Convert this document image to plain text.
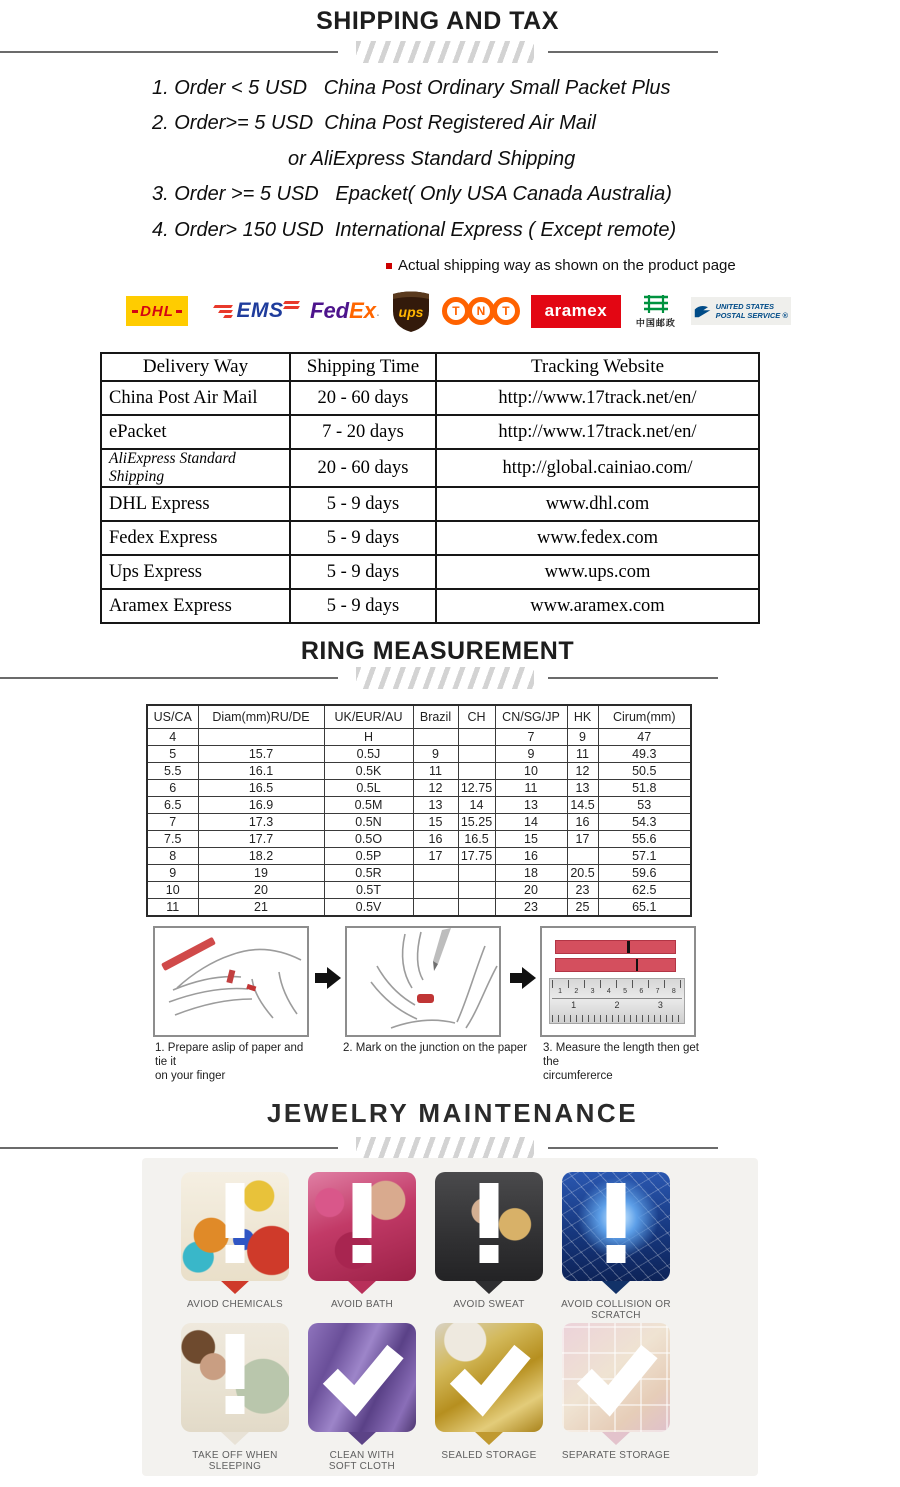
SHIPPING AND TAX
1. Order < 5 USD   China Post Ordinary Small Packet Plus
2. Order>= 5 USD  China Post Registered Air Mail
or AliExpress Standard Shipping
3. Order >= 5 USD   Epacket( Only USA Canada Australia)
4. Order> 150 USD  International Express ( Except remote)
Actual shipping way as shown on the product page
DHL	EMS Fed Ex . ups	T	N	T	aramex
中国邮政
UNITED STATES
POSTAL SERVICE ®
Delivery Way	Shipping Time	Tracking Website
China Post Air Mail	20 - 60 days	http://www.17track.net/en/
ePacket	7 - 20 days	http://www.17track.net/en/
AliExpress Standard Shipping	20 - 60 days	http://global.cainiao.com/
DHL Express	5 - 9 days	www.dhl.com
Fedex Express	5 - 9 days	www.fedex.com
Ups Express	5 - 9 days	www.ups.com
Aramex Express	5 - 9 days	www.aramex.com
RING MEASUREMENT
US/CA	Diam(mm)RU/DE	UK/EUR/AU	Brazil	CH	CN/SG/JP	HK	Cirum(mm)
4		H			7	9	47
5	15.7	0.5J	9		9	11	49.3
5.5	16.1	0.5K	11		10	12	50.5
6	16.5	0.5L	12	12.75	11	13	51.8
6.5	16.9	0.5M	13	14	13	14.5	53
7	17.3	0.5N	15	15.25	14	16	54.3
7.5	17.7	0.5O	16	16.5	15	17	55.6
8	18.2	0.5P	17	17.75	16		57.1
9	19	0.5R			18	20.5	59.6
10	20	0.5T			20	23	62.5
11	21	0.5V			23	25	65.1
1 2 3 4 5 6 7 8
1	2	3
1. Prepare aslip of paper and tie it
on your finger
2. Mark on the junction on the paper	3. Measure the length then get the
circumfererce
JEWELRY MAINTENANCE
AVIOD CHEMICALS	AVOID BATH	AVOID SWEAT	AVOID COLLISION OR
SCRATCH
TAKE OFF WHEN
SLEEPING
CLEAN WITH
SOFT CLOTH
SEALED STORAGE	SEPARATE STORAGE
